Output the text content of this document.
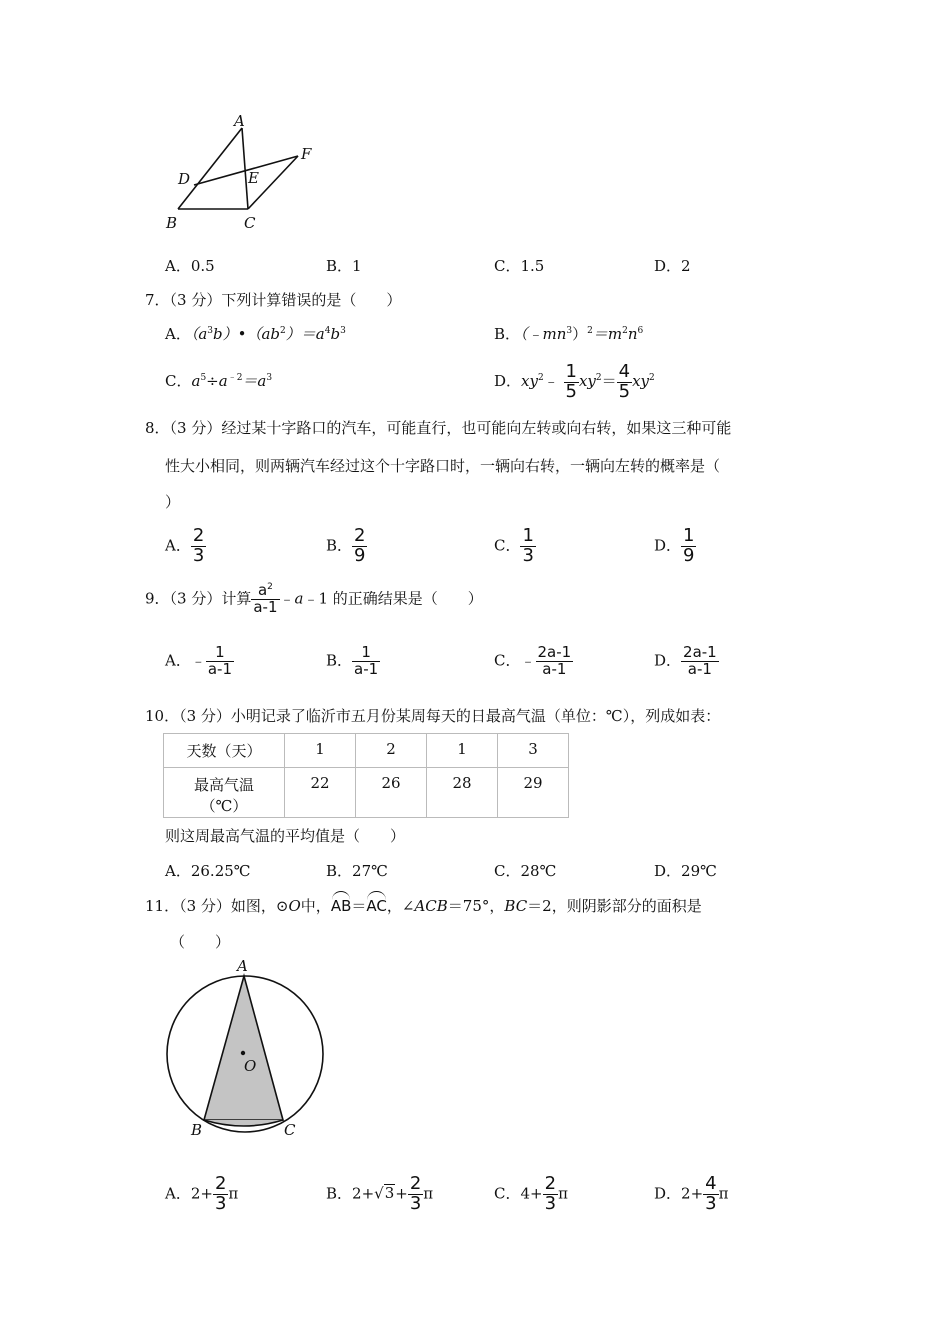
A
D	E
F
B	C
A．0.5	B．1	C．1.5	D．2
7．（3 分）下列计算错误的是（　　）
A．$(a^3b)•(ab^2)=a^4b^3$	B．$(﹣mn^3)^2=m^2n^6$
C．$a^5\div a^{﹣2}=a^3$	D．$xy^2﹣ \frac{1}{5} xy^2= \frac{4}{5} xy^2$
8．（3 分）经过某十字路口的汽车，可能直行，也可能向左转或向右转，如果这三种可能
性大小相同，则两辆汽车经过这个十字路口时，一辆向右转，一辆向左转的概率是（
）
A． $\frac{2}{3}$	B． $\frac{2}{9}$	C． $\frac{1}{3}$	D． $\frac{1}{9}$
9．（3 分）计算 $\frac{a^2}{a-1}$ ﹣a﹣1 的正确结果是（　　）
A．﹣ $\frac{1}{a-1}$	B． $\frac{1}{a-1}$	C．﹣ $\frac{2a-1}{a-1}$	D． $\frac{2a-1}{a-1}$
10．（3 分）小明记录了临沂市五月份某周每天的日最高气温（单位：℃），列成如表：
天数（天）	1	2	1	3

最高气温
（℃）	22	26	28	29
则这周最高气温的平均值是（　　）
A．26.25℃	B．27℃	C．28℃	D．29℃
11．（3 分）如图，⊙O中，AB＝AC，∠ACB＝75°，BC＝2，则阴影部分的面积是
（　　）
A
O
B	C
A．$2+ \frac{2}{3}$ π	B．$2+√3+ \frac{2}{3}$ π	C．$4+ \frac{2}{3}$ π	D．$2+ \frac{4}{3}$ π
